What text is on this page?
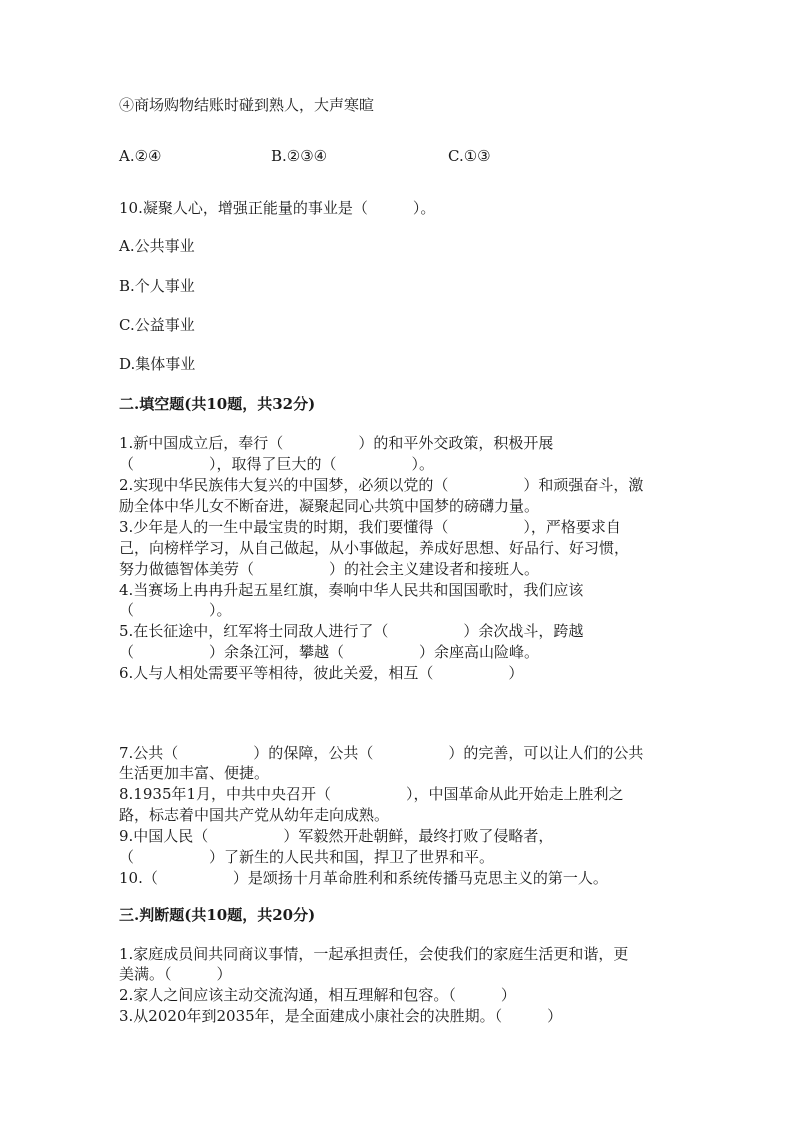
④商场购物结账时碰到熟人，大声寒暄
A.②④	B.②③④	C.①③
10.凝聚人心，增强正能量的事业是（　　　）。
A.公共事业
B.个人事业
C.公益事业
D.集体事业
二.填空题(共10题，共32分)
1.新中国成立后，奉行（　　　　　）的和平外交政策，积极开展
（　　　　　），取得了巨大的（　　　　　）。
2.实现中华民族伟大复兴的中国梦，必须以党的（　　　　　）和顽强奋斗，激
励全体中华儿女不断奋进，凝聚起同心共筑中国梦的磅礴力量。
3.少年是人的一生中最宝贵的时期，我们要懂得（　　　　　），严格要求自
己，向榜样学习，从自己做起，从小事做起，养成好思想、好品行、好习惯，
努力做德智体美劳（　　　　　）的社会主义建设者和接班人。
4.当赛场上冉冉升起五星红旗，奏响中华人民共和国国歌时，我们应该
（　　　　　）。
5.在长征途中，红军将士同敌人进行了（　　　　　）余次战斗，跨越
（　　　　　）余条江河，攀越（　　　　　）余座高山险峰。
6.人与人相处需要平等相待，彼此关爱，相互（　　　　　）
7.公共（　　　　　）的保障，公共（　　　　　）的完善，可以让人们的公共
生活更加丰富、便捷。
8.1935年1月，中共中央召开（　　　　　），中国革命从此开始走上胜利之
路，标志着中国共产党从幼年走向成熟。
9.中国人民（　　　　　）军毅然开赴朝鲜，最终打败了侵略者，
（　　　　　）了新生的人民共和国，捍卫了世界和平。
10.（　　　　　）是颂扬十月革命胜利和系统传播马克思主义的第一人。
三.判断题(共10题，共20分)
1.家庭成员间共同商议事情，一起承担责任，会使我们的家庭生活更和谐，更
美满。（　　　）
2.家人之间应该主动交流沟通，相互理解和包容。（　　　）
3.从2020年到2035年，是全面建成小康社会的决胜期。（　　　）
